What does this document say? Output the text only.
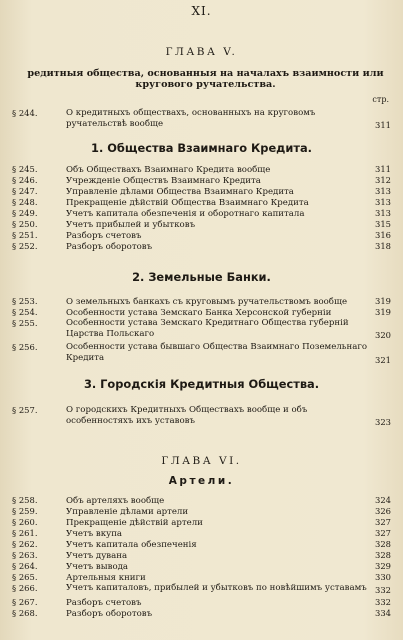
XI.
ГЛАВА V.
редитныя общества, основанныя на началахъ взаимности или кругового ручательства.
стр.
§ 244.	О кредитныхъ обществахъ, основанныхъ на круговомъ ручательствѣ вообще	311
1. Общества Взаимнаго Кредита.
§ 245.	Объ Обществахъ Взаимнаго Кредита вообще	311
§ 246.	Учрежденіе Обществъ Взаимнаго Кредита	312
§ 247.	Управленіе дѣлами Общества Взаимнаго Кредита	313
§ 248.	Прекращеніе дѣйствій Общества Взаимнаго Кредита	313
§ 249.	Учетъ капитала обезпеченія и оборотнаго капитала	313
§ 250.	Учетъ прибылей и убытковъ	315
§ 251.	Разборъ счетовъ	316
§ 252.	Разборъ оборотовъ	318
2. Земельные Банки.
§ 253.	О земельныхъ банкахъ съ круговымъ ручательствомъ вообще	319
§ 254.	Особенности устава Земскаго Банка Херсонской губерніи	319
§ 255.	Особенности устава Земскаго Кредитнаго Общества губерній Царства Польскаго	320
§ 256.	Особенности устава бывшаго Общества Взаимнаго Поземельнаго Кредита	321
3. Городскія Кредитныя Общества.
§ 257.	О городскихъ Кредитныхъ Обществахъ вообще и объ особенностяхъ ихъ уставовъ	323
ГЛАВА VI.
Артели.
§ 258.	Объ артеляхъ вообще	324
§ 259.	Управленіе дѣлами артели	326
§ 260.	Прекращеніе дѣйствій артели	327
§ 261.	Учетъ вкупа	327
§ 262.	Учетъ капитала обезпеченія	328
§ 263.	Учетъ дувана	328
§ 264.	Учетъ вывода	329
§ 265.	Артельныя книги	330
§ 266.	Учетъ капиталовъ, прибылей и убытковъ по новѣйшимъ уставамъ 332
§ 267.	Разборъ счетовъ	332
§ 268.	Разборъ оборотовъ	334
